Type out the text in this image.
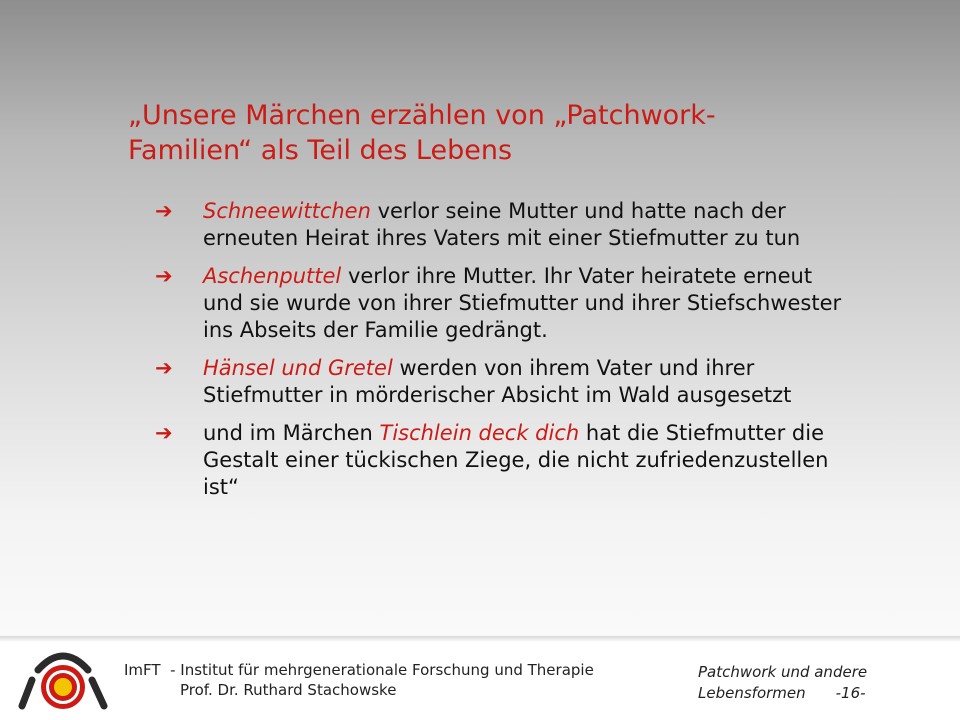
„Unsere Märchen erzählen von „Patchwork-
Familien“ als Teil des Lebens
➔ Schneewittchen verlor seine Mutter und hatte nach der erneuten Heirat ihres Vaters mit einer Stiefmutter zu tun
➔ Aschenputtel verlor ihre Mutter. Ihr Vater heiratete erneut und sie wurde von ihrer Stiefmutter und ihrer Stiefschwester ins Abseits der Familie gedrängt.
➔ Hänsel und Gretel werden von ihrem Vater und ihrer Stiefmutter in mörderischer Absicht im Wald ausgesetzt
➔ und im Märchen Tischlein deck dich hat die Stiefmutter die Gestalt einer tückischen Ziege, die nicht zufriedenzustellen ist“
ImFT  - Institut für mehrgenerationale Forschung und Therapie
Prof. Dr. Ruthard Stachowske
Patchwork und andere
Lebensformen -16-
